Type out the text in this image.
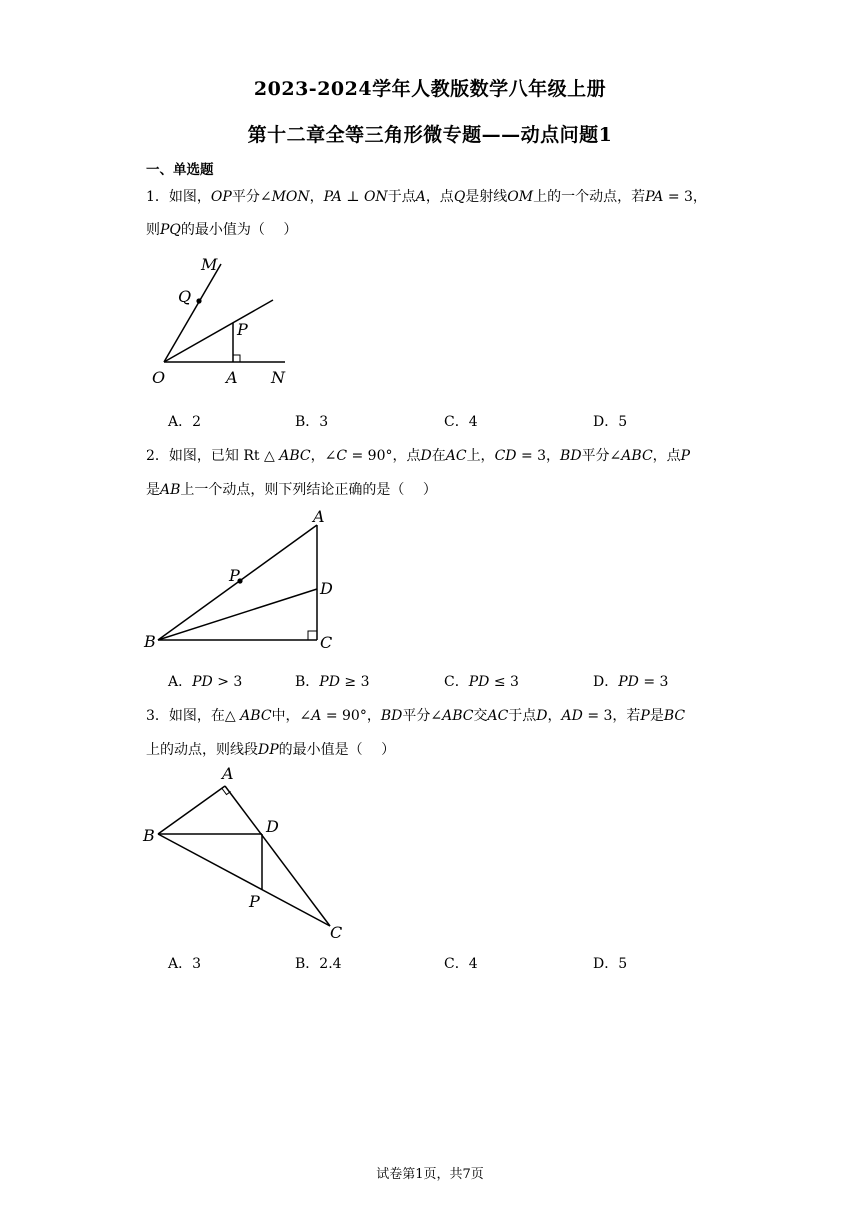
2023-2024学年人教版数学八年级上册
第十二章全等三角形微专题——动点问题1
一、单选题
1．如图，OP平分∠MON，PA ⊥ ON于点A，点Q是射线OM上的一个动点，若PA = 3，
则PQ的最小值为（　 ）
M
Q
P
O	A N
A．2	B．3	C．4	D．5
2．如图，已知 Rt △ ABC，∠C = 90°，点D在AC上，CD = 3，BD平分∠ABC，点P
是AB上一个动点，则下列结论正确的是（　 ）
A
P
D
B	C
A．PD > 3	B．PD ≥ 3	C．PD ≤ 3	D．PD = 3
3．如图，在△ ABC中，∠A = 90°，BD平分∠ABC交AC于点D，AD = 3，若P是BC
上的动点，则线段DP的最小值是（　 ）
A
B	D
P
C
A．3	B．2.4	C．4	D．5
试卷第1页，共7页
